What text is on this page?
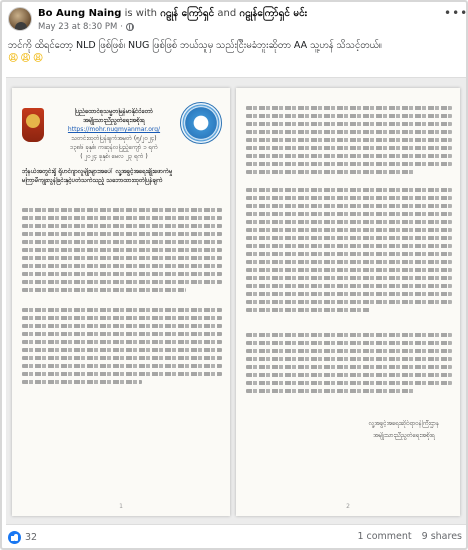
Bo Aung Naing is with ဂဠုန် ကြော်ရှင် and ဂဠုန်ကြော်ရှင် မင်း
May 23 at 8:30 PM ·
•••
ဘင်ကို ထိရင်တော့ NLD ဖြစ်ဖြစ်၊ NUG ဖြစ်ဖြစ် ဘယ်သူမှ သည်းငြီးမခံဘူးဆိုတာ AA သူ့ဟန် သိသင့်တယ်။
😩😩😩
ပြည်ထောင်စုသမ္မတမြန်မာနိုင်ငံတော်
အမျိုးသားညီညွတ်ရေးအစိုးရ
https://mohr.nugmyanmar.org/
သတင်းထုတ်ပြန်ချက်အမှတ် (၅/၂၀၂၄)
၁၃၈၆ ခုနှစ်၊ ကဆုန်လပြည့်ကျော် ၁ ရက်
( ၂၀၂၄ ခုနှစ်၊ မေလ ၂၃ ရက် )
ဘုံနယ်အတွင်းရှိ ရိုဟင်ဂျာလူမျိုးများအပေါ် လူ့အခွင့်အရေးချိုးဖောက်မှု
မကြာမီကျုးလွန်ခြင်းနှင့်ပတ်သက်သည့် သဘောထားထုတ်ပြန်ချက်
1
လူ့အခွင့်အရေးဆိုင်ရာဝန်ကြီးဌာန
အမျိုးသားညီညွတ်ရေးအစိုးရ
2
32	1 comment 9 shares
